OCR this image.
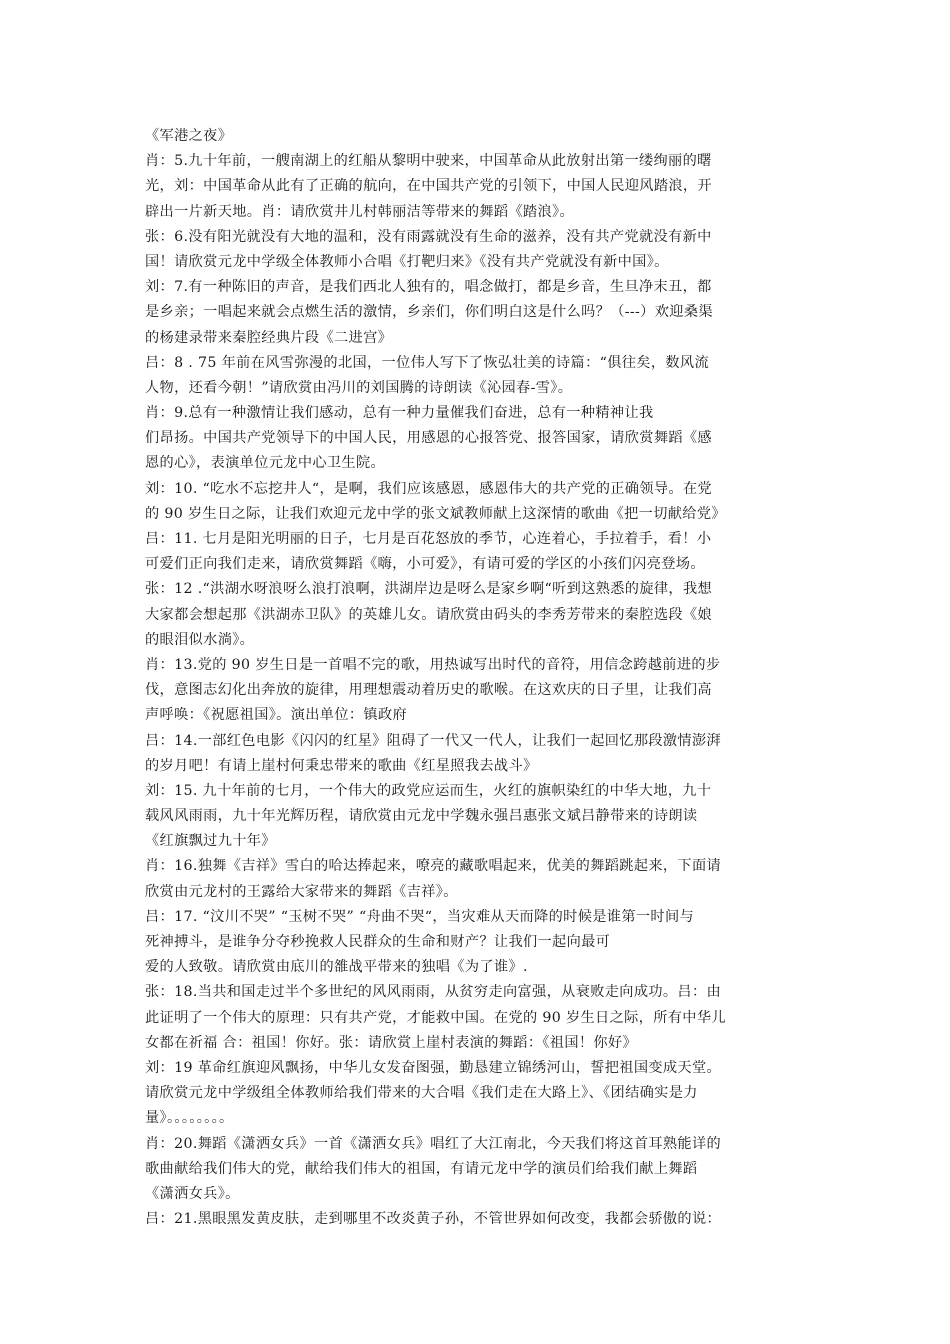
《军港之夜》
肖：5.九十年前，一艘南湖上的红船从黎明中驶来，中国革命从此放射出第一缕绚丽的曙
光，刘：中国革命从此有了正确的航向，在中国共产党的引领下，中国人民迎风踏浪，开
辟出一片新天地。肖：请欣赏井儿村韩丽洁等带来的舞蹈《踏浪》。
张：6.没有阳光就没有大地的温和，没有雨露就没有生命的滋养，没有共产党就没有新中
国！请欣赏元龙中学级全体教师小合唱《打靶归来》《没有共产党就没有新中国》。
刘：7.有一种陈旧的声音，是我们西北人独有的，唱念做打，都是乡音，生旦净末丑，都
是乡亲；一唱起来就会点燃生活的激情，乡亲们，你们明白这是什么吗？（---）欢迎桑渠
的杨建录带来秦腔经典片段《二进宫》
吕：8 . 75 年前在风雪弥漫的北国，一位伟人写下了恢弘壮美的诗篇：“俱往矣，数风流
人物，还看今朝！”请欣赏由冯川的刘国腾的诗朗读《沁园春-雪》。
肖：9.总有一种激情让我们感动，总有一种力量催我们奋进，总有一种精神让我
们昂扬。中国共产党领导下的中国人民，用感恩的心报答党、报答国家，请欣赏舞蹈《感
恩的心》，表演单位元龙中心卫生院。
刘：10. “吃水不忘挖井人“，是啊，我们应该感恩，感恩伟大的共产党的正确领导。在党
的 90 岁生日之际，让我们欢迎元龙中学的张文斌教师献上这深情的歌曲《把一切献给党》
吕：11. 七月是阳光明丽的日子，七月是百花怒放的季节，心连着心，手拉着手，看！小
可爱们正向我们走来，请欣赏舞蹈《嗨，小可爱》，有请可爱的学区的小孩们闪亮登场。
张：12 .“洪湖水呀浪呀么浪打浪啊，洪湖岸边是呀么是家乡啊“听到这熟悉的旋律，我想
大家都会想起那《洪湖赤卫队》的英雄儿女。请欣赏由码头的李秀芳带来的秦腔选段《娘
的眼泪似水淌》。
肖：13.党的 90 岁生日是一首唱不完的歌，用热诚写出时代的音符，用信念跨越前进的步
伐，意图志幻化出奔放的旋律，用理想震动着历史的歌喉。在这欢庆的日子里，让我们高
声呼唤：《祝愿祖国》。演出单位：镇政府
吕：14.一部红色电影《闪闪的红星》阻碍了一代又一代人，让我们一起回忆那段激情澎湃
的岁月吧！有请上崖村何秉忠带来的歌曲《红星照我去战斗》
刘：15. 九十年前的七月，一个伟大的政党应运而生，火红的旗帜染红的中华大地，九十
载风风雨雨，九十年光辉历程，请欣赏由元龙中学魏永强吕惠张文斌吕静带来的诗朗读
《红旗飘过九十年》
肖：16.独舞《吉祥》雪白的哈达捧起来，嘹亮的藏歌唱起来，优美的舞蹈跳起来，下面请
欣赏由元龙村的王露给大家带来的舞蹈《吉祥》。
吕：17. “汶川不哭” “玉树不哭” “舟曲不哭“，当灾难从天而降的时候是谁第一时间与
死神搏斗，是谁争分夺秒挽救人民群众的生命和财产？让我们一起向最可
爱的人致敬。请欣赏由底川的雒战平带来的独唱《为了谁》.
张：18.当共和国走过半个多世纪的风风雨雨，从贫穷走向富强，从衰败走向成功。吕：由
此证明了一个伟大的原理：只有共产党，才能救中国。在党的 90 岁生日之际，所有中华儿
女都在祈福 合：祖国！你好。张：请欣赏上崖村表演的舞蹈：《祖国！你好》
刘：19 革命红旗迎风飘扬，中华儿女发奋图强，勤恳建立锦绣河山，誓把祖国变成天堂。
请欣赏元龙中学级组全体教师给我们带来的大合唱《我们走在大路上》、《团结确实是力
量》。。。。。。。。
肖：20.舞蹈《潇洒女兵》一首《潇洒女兵》唱红了大江南北，今天我们将这首耳熟能详的
歌曲献给我们伟大的党，献给我们伟大的祖国，有请元龙中学的演员们给我们献上舞蹈
《潇洒女兵》。
吕：21.黑眼黑发黄皮肤，走到哪里不改炎黄子孙，不管世界如何改变，我都会骄傲的说：
